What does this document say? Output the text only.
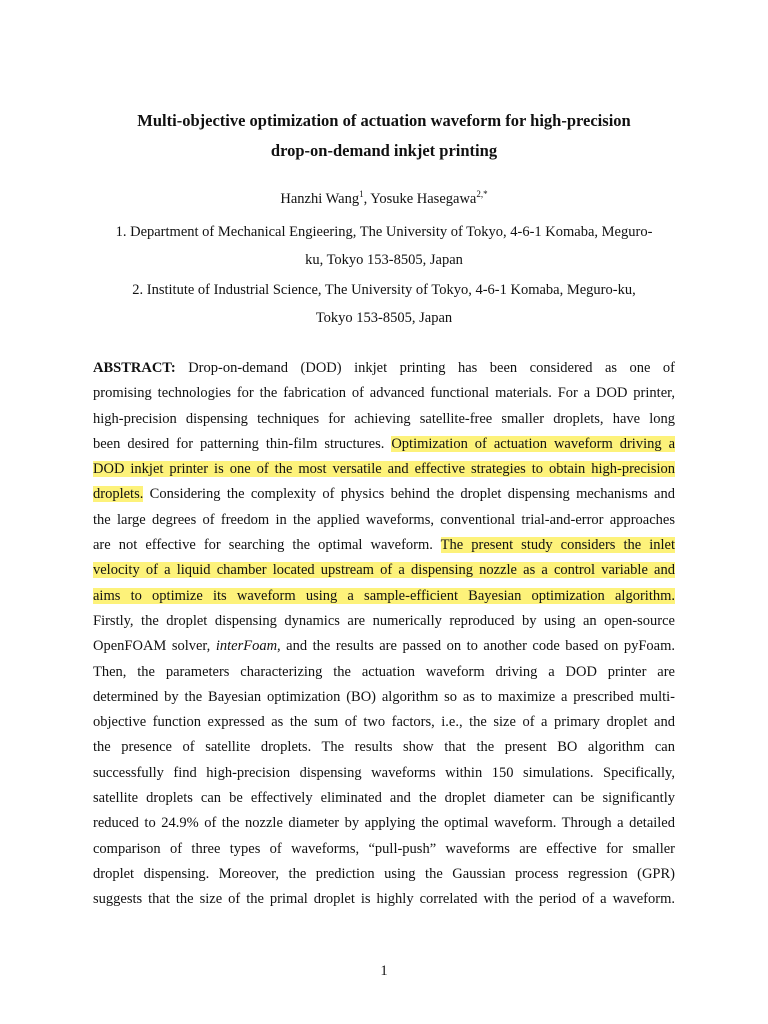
Multi-objective optimization of actuation waveform for high-precision
drop-on-demand inkjet printing
Hanzhi Wang$^1$, Yosuke Hasegawa$^{2,*}$
1. Department of Mechanical Engieering, The University of Tokyo, 4-6-1 Komaba, Meguro-
ku, Tokyo 153-8505, Japan
2. Institute of Industrial Science, The University of Tokyo, 4-6-1 Komaba, Meguro-ku,
Tokyo 153-8505, Japan
ABSTRACT: Drop-on-demand (DOD) inkjet printing has been considered as one of
promising technologies for the fabrication of advanced functional materials. For a DOD printer,
high-precision dispensing techniques for achieving satellite-free smaller droplets, have long
been desired for patterning thin-film structures. Optimization of actuation waveform driving a
DOD inkjet printer is one of the most versatile and effective strategies to obtain high-precision
droplets. Considering the complexity of physics behind the droplet dispensing mechanisms and
the large degrees of freedom in the applied waveforms, conventional trial-and-error approaches
are not effective for searching the optimal waveform. The present study considers the inlet
velocity of a liquid chamber located upstream of a dispensing nozzle as a control variable and
aims to optimize its waveform using a sample-efficient Bayesian optimization algorithm.
Firstly, the droplet dispensing dynamics are numerically reproduced by using an open-source
OpenFOAM solver, interFoam, and the results are passed on to another code based on pyFoam.
Then, the parameters characterizing the actuation waveform driving a DOD printer are
determined by the Bayesian optimization (BO) algorithm so as to maximize a prescribed multi-
objective function expressed as the sum of two factors, i.e., the size of a primary droplet and
the presence of satellite droplets. The results show that the present BO algorithm can
successfully find high-precision dispensing waveforms within 150 simulations. Specifically,
satellite droplets can be effectively eliminated and the droplet diameter can be significantly
reduced to 24.9% of the nozzle diameter by applying the optimal waveform. Through a detailed
comparison of three types of waveforms, “pull-push” waveforms are effective for smaller
droplet dispensing. Moreover, the prediction using the Gaussian process regression (GPR)
suggests that the size of the primal droplet is highly correlated with the period of a waveform.
1
